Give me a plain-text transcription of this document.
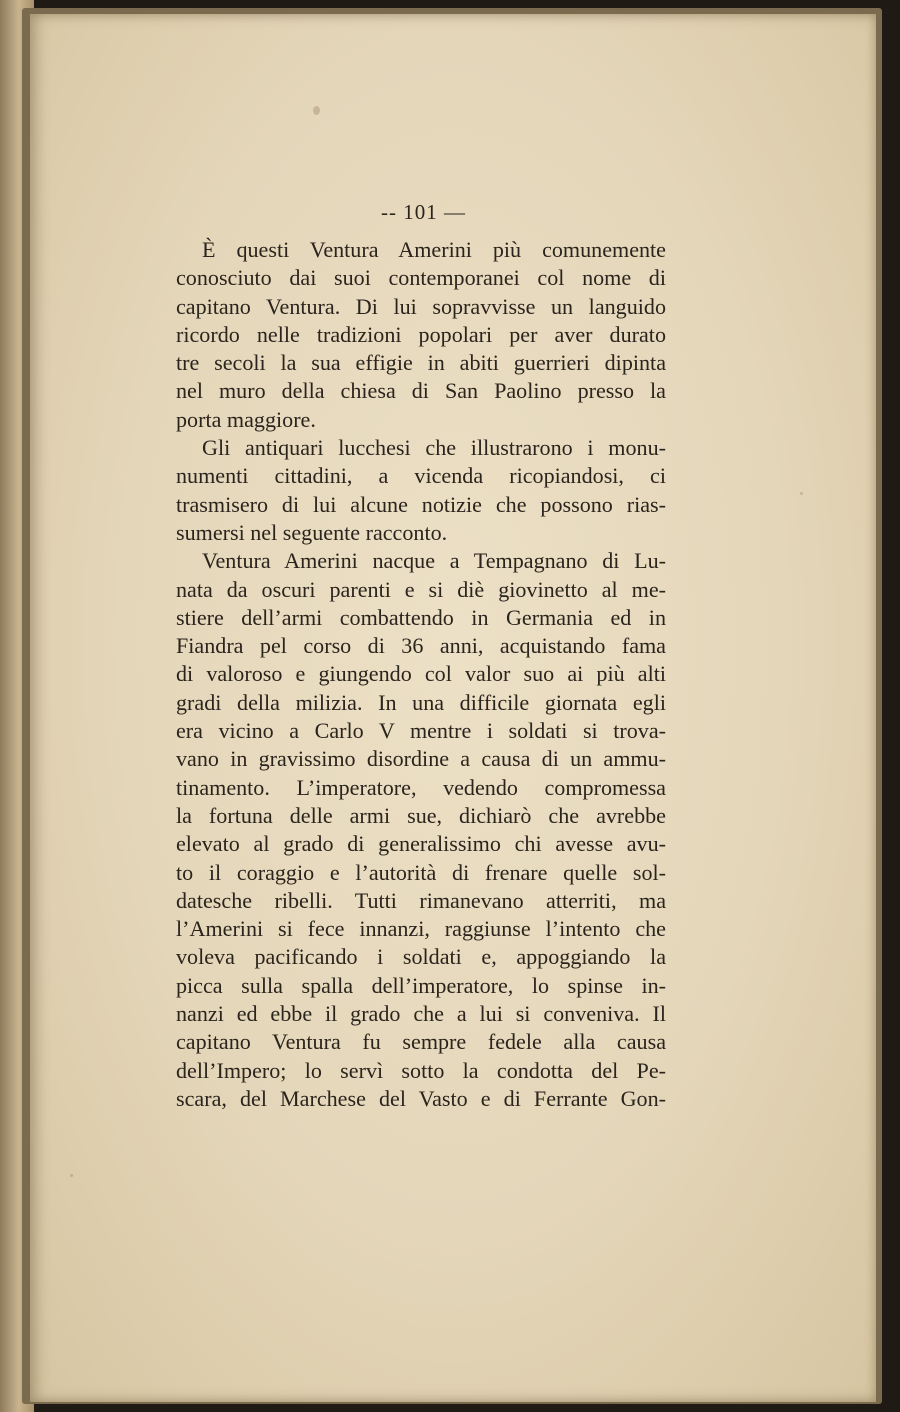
-- 101 —
È questi Ventura Amerini più comunemente
conosciuto dai suoi contemporanei col nome di
capitano Ventura. Di lui sopravvisse un languido
ricordo nelle tradizioni popolari per aver durato
tre secoli la sua effigie in abiti guerrieri dipinta
nel muro della chiesa di San Paolino presso la
porta maggiore.
Gli antiquari lucchesi che illustrarono i monu-
numenti cittadini, a vicenda ricopiandosi, ci
trasmisero di lui alcune notizie che possono rias-
sumersi nel seguente racconto.
Ventura Amerini nacque a Tempagnano di Lu-
nata da oscuri parenti e si diè giovinetto al me-
stiere dell’armi combattendo in Germania ed in
Fiandra pel corso di 36 anni, acquistando fama
di valoroso e giungendo col valor suo ai più alti
gradi della milizia. In una difficile giornata egli
era vicino a Carlo V mentre i soldati si trova-
vano in gravissimo disordine a causa di un ammu-
tinamento. L’imperatore, vedendo compromessa
la fortuna delle armi sue, dichiarò che avrebbe
elevato al grado di generalissimo chi avesse avu-
to il coraggio e l’autorità di frenare quelle sol-
datesche ribelli. Tutti rimanevano atterriti, ma
l’Amerini si fece innanzi, raggiunse l’intento che
voleva pacificando i soldati e, appoggiando la
picca sulla spalla dell’imperatore, lo spinse in-
nanzi ed ebbe il grado che a lui si conveniva. Il
capitano Ventura fu sempre fedele alla causa
dell’Impero; lo servì sotto la condotta del Pe-
scara, del Marchese del Vasto e di Ferrante Gon-
